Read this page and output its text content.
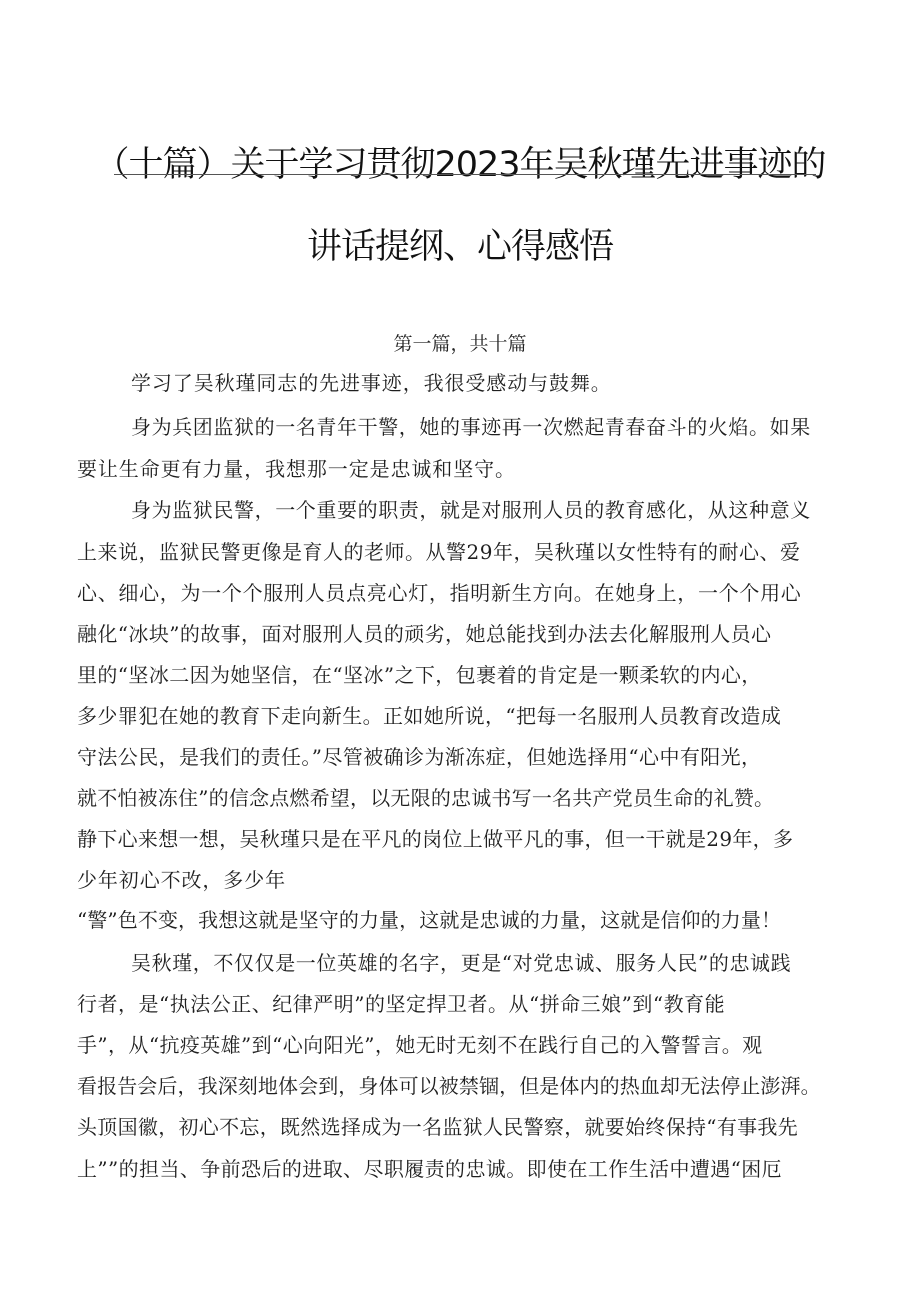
（十篇）关于学习贯彻2023年吴秋瑾先进事迹的
讲话提纲、心得感悟
第一篇，共十篇
学习了吴秋瑾同志的先进事迹，我很受感动与鼓舞。
身为兵团监狱的一名青年干警，她的事迹再一次燃起青春奋斗的火焰。如果
要让生命更有力量，我想那一定是忠诚和坚守。
身为监狱民警，一个重要的职责，就是对服刑人员的教育感化，从这种意义
上来说，监狱民警更像是育人的老师。从警29年，吴秋瑾以女性特有的耐心、爱
心、细心，为一个个服刑人员点亮心灯，指明新生方向。在她身上，一个个用心
融化“冰块”的故事，面对服刑人员的顽劣，她总能找到办法去化解服刑人员心
里的“坚冰二因为她坚信，在“坚冰”之下，包裹着的肯定是一颗柔软的内心，
多少罪犯在她的教育下走向新生。正如她所说，“把每一名服刑人员教育改造成
守法公民，是我们的责任。”尽管被确诊为渐冻症，但她选择用“心中有阳光，
就不怕被冻住”的信念点燃希望，以无限的忠诚书写一名共产党员生命的礼赞。
静下心来想一想，吴秋瑾只是在平凡的岗位上做平凡的事，但一干就是29年，多
少年初心不改，多少年
“警”色不变，我想这就是坚守的力量，这就是忠诚的力量，这就是信仰的力量！
吴秋瑾，不仅仅是一位英雄的名字，更是“对党忠诚、服务人民”的忠诚践
行者，是“执法公正、纪律严明”的坚定捍卫者。从“拼命三娘”到“教育能
手”，从“抗疫英雄”到“心向阳光”，她无时无刻不在践行自己的入警誓言。观
看报告会后，我深刻地体会到，身体可以被禁锢，但是体内的热血却无法停止澎湃。
头顶国徽，初心不忘，既然选择成为一名监狱人民警察，就要始终保持“有事我先
上””的担当、争前恐后的进取、尽职履责的忠诚。即使在工作生活中遭遇“困厄
